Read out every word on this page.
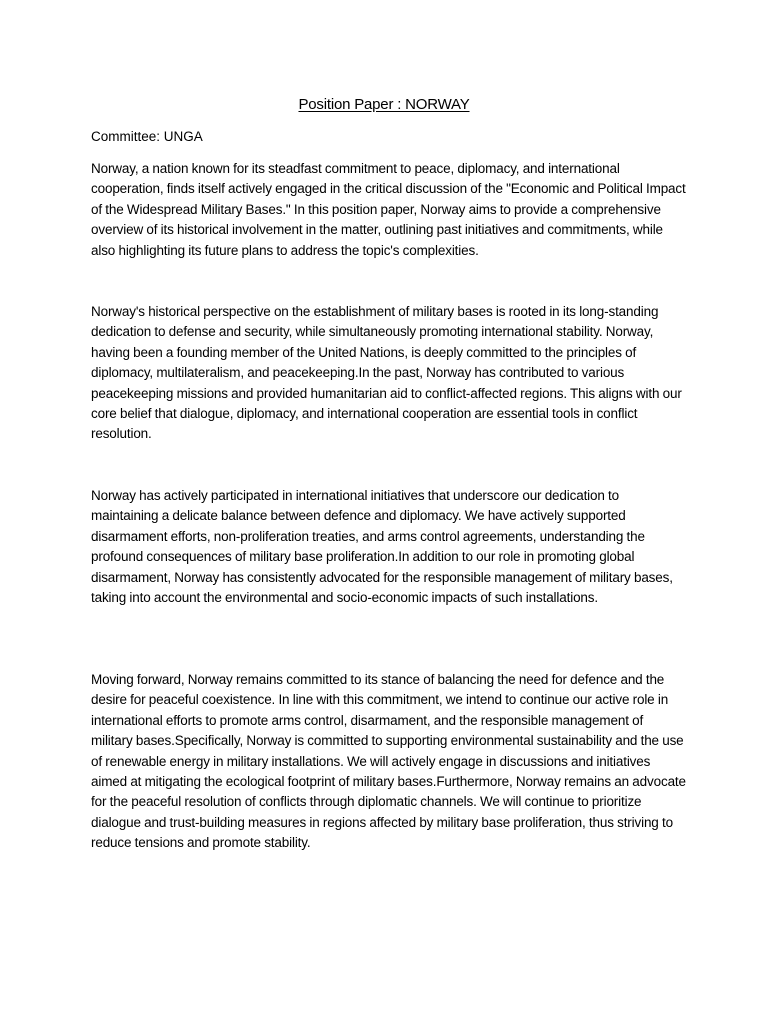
Position Paper : NORWAY
Committee: UNGA

Norway, a nation known for its steadfast commitment to peace, diplomacy, and international cooperation, finds itself actively engaged in the critical discussion of the "Economic and Political Impact of the Widespread Military Bases." In this position paper, Norway aims to provide a comprehensive overview of its historical involvement in the matter, outlining past initiatives and commitments, while also highlighting its future plans to address the topic's complexities.

Norway's historical perspective on the establishment of military bases is rooted in its long-standing dedication to defense and security, while simultaneously promoting international stability. Norway, having been a founding member of the United Nations, is deeply committed to the principles of diplomacy, multilateralism, and peacekeeping.In the past, Norway has contributed to various peacekeeping missions and provided humanitarian aid to conflict-affected regions. This aligns with our core belief that dialogue, diplomacy, and international cooperation are essential tools in conflict resolution.

Norway has actively participated in international initiatives that underscore our dedication to maintaining a delicate balance between defence and diplomacy. We have actively supported disarmament efforts, non-proliferation treaties, and arms control agreements, understanding the profound consequences of military base proliferation.In addition to our role in promoting global disarmament, Norway has consistently advocated for the responsible management of military bases, taking into account the environmental and socio-economic impacts of such installations.

Moving forward, Norway remains committed to its stance of balancing the need for defence and the desire for peaceful coexistence. In line with this commitment, we intend to continue our active role in international efforts to promote arms control, disarmament, and the responsible management of military bases.Specifically, Norway is committed to supporting environmental sustainability and the use of renewable energy in military installations. We will actively engage in discussions and initiatives aimed at mitigating the ecological footprint of military bases.Furthermore, Norway remains an advocate for the peaceful resolution of conflicts through diplomatic channels. We will continue to prioritize dialogue and trust-building measures in regions affected by military base proliferation, thus striving to reduce tensions and promote stability.
